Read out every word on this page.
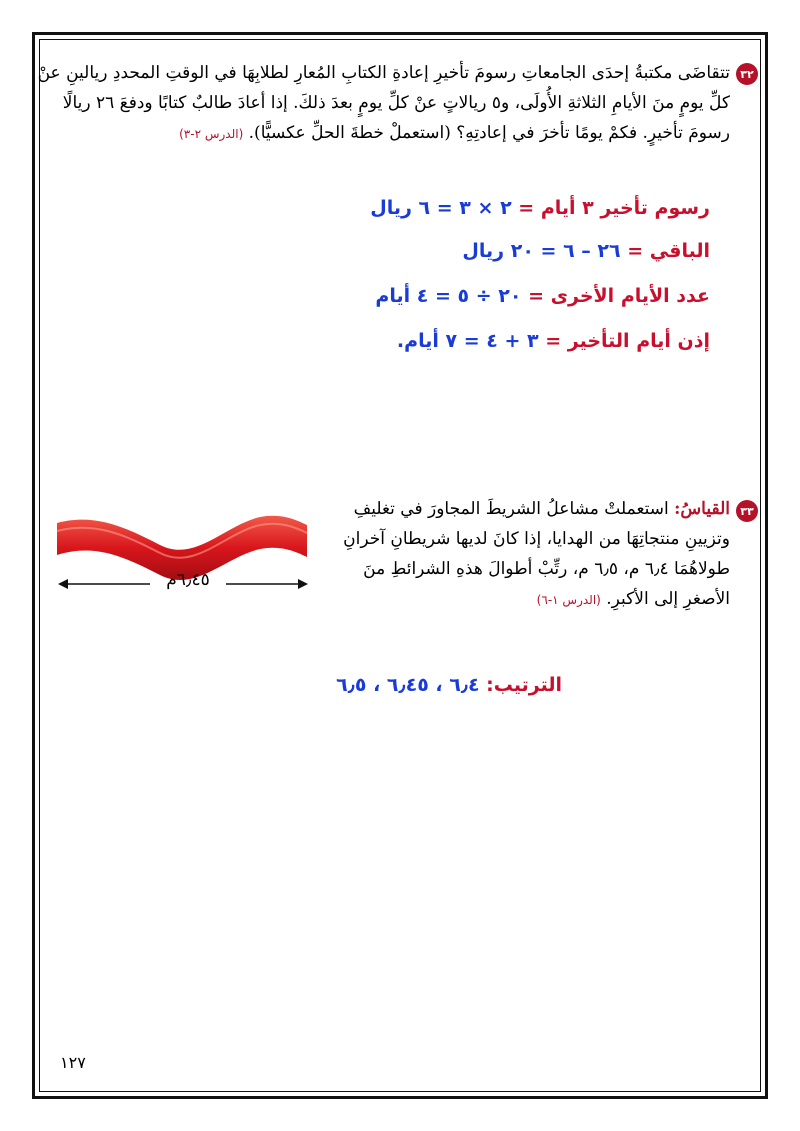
٣٢
تتقاضَى مكتبةُ إحدَى الجامعاتِ رسومَ تأخيرِ إعادةِ الكتابِ المُعارِ لطلابِهَا في الوقتِ المحددِ ريالينِ عنْ
كلِّ يومٍ منَ الأيامِ الثلاثةِ الأُولَى، و٥ ريالاتٍ عنْ كلِّ يومٍ بعدَ ذلكَ. إذا أعادَ طالبٌ كتابًا ودفعَ ٢٦ ريالًا
رسومَ تأخيرٍ. فكمْ يومًا تأخرَ في إعادتِهِ؟ (استعملْ خطةَ الحلِّ عكسيًّا). (الدرس ٢-٣)
رسوم تأخير ٣ أيام = ٢ × ٣ = ٦ ريال
الباقي = ٢٦ – ٦ = ٢٠ ريال
عدد الأيام الأخرى = ٢٠ ÷ ٥ = ٤ أيام
إذن أيام التأخير = ٣ + ٤ = ٧ أيام.
٣٣
القياسُ: استعملتْ مشاعلُ الشريطَ المجاورَ في تغليفِ
وتزيينِ منتجاتِهَا من الهدايا، إذا كانَ لديها شريطانِ آخرانِ
طولاهُمَا ٦٫٤ م، ٦٫٥ م، رتِّبْ أطوالَ هذهِ الشرائطِ منَ
الأصغرِ إلى الأكبرِ. (الدرس ١-٦)
٦٫٤٥م
الترتيب: ٦٫٤ ، ٦٫٤٥ ، ٦٫٥
١٢٧
